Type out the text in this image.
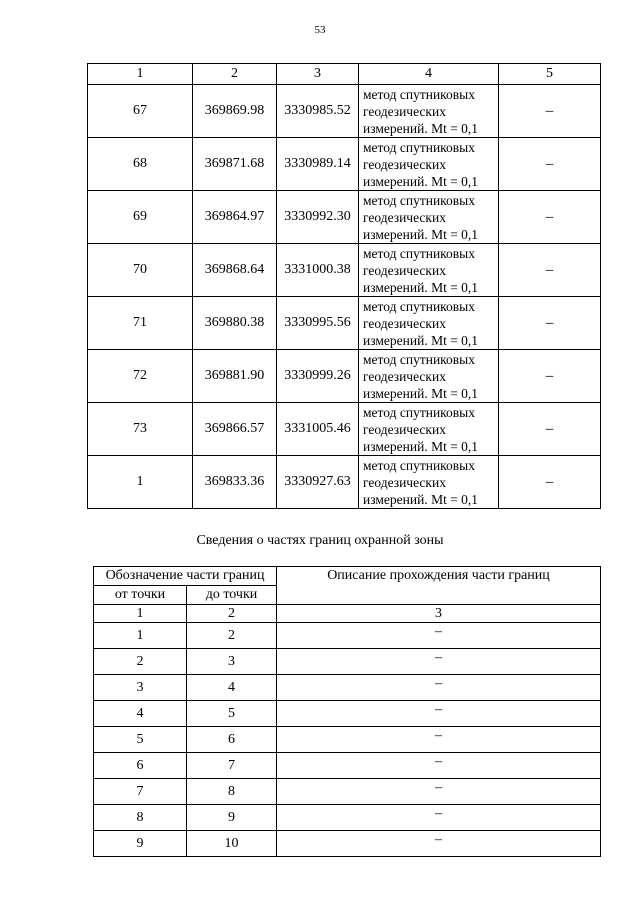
53
1	2	3	4	5
67	369869.98	3330985.52	метод спутниковых
геодезических
измерений. Mt = 0,1	–
68	369871.68	3330989.14	метод спутниковых
геодезических
измерений. Mt = 0,1	–
69	369864.97	3330992.30	метод спутниковых
геодезических
измерений. Mt = 0,1	–
70	369868.64	3331000.38	метод спутниковых
геодезических
измерений. Mt = 0,1	–
71	369880.38	3330995.56	метод спутниковых
геодезических
измерений. Mt = 0,1	–
72	369881.90	3330999.26	метод спутниковых
геодезических
измерений. Mt = 0,1	–
73	369866.57	3331005.46	метод спутниковых
геодезических
измерений. Mt = 0,1	–
1	369833.36	3330927.63	метод спутниковых
геодезических
измерений. Mt = 0,1	–
Сведения о частях границ охранной зоны
Обозначение части границ		Описание прохождения части границ
от точки	до точки	
1	2	3
1	2	–
2	3	–
3	4	–
4	5	–
5	6	–
6	7	–
7	8	–
8	9	–
9	10	–
